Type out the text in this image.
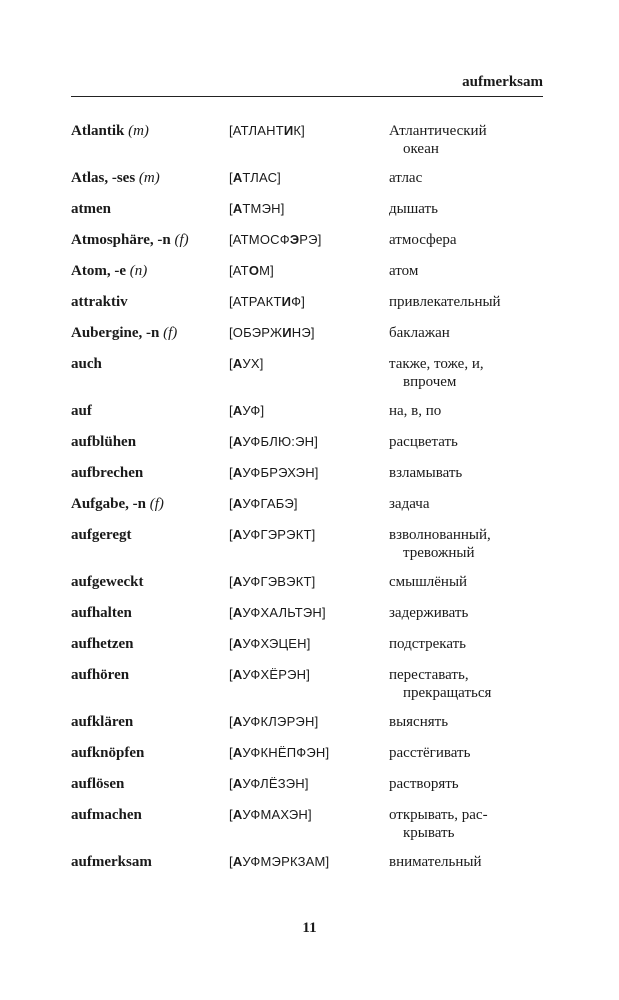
aufmerksam
Atlantik (m)	[АТЛАНТИК]	Атлантический
океан
Atlas, -ses (m)	[АТЛАС]	атлас
atmen	[АТМЭН]	дышать
Atmosphäre, -n (f)	[АТМОСФЭРЭ]	атмосфера
Atom, -e (n)	[АТОМ]	атом
attraktiv	[АТРАКТИФ]	привлекательный
Aubergine, -n (f)	[ОБЭРЖИНЭ]	баклажан
auch	[АУХ]	также, тоже, и,
впрочем
auf	[АУФ]	на, в, по
aufblühen	[АУФБЛЮ:ЭН]	расцветать
aufbrechen	[АУФБРЭХЭН]	взламывать
Aufgabe, -n (f)	[АУФГАБЭ]	задача
aufgeregt	[АУФГЭРЭКТ]	взволнованный,
тревожный
aufgeweckt	[АУФГЭВЭКТ]	смышлёный
aufhalten	[АУФХАЛЬТЭН]	задерживать
aufhetzen	[АУФХЭЦЕН]	подстрекать
aufhören	[АУФХЁРЭН]	переставать,
прекращаться
aufklären	[АУФКЛЭРЭН]	выяснять
aufknöpfen	[АУФКНЁПФЭН]	расстёгивать
auflösen	[АУФЛЁЗЭН]	растворять
aufmachen	[АУФМАХЭН]	открывать, рас-
крывать
aufmerksam	[АУФМЭРКЗАМ]	внимательный
11
